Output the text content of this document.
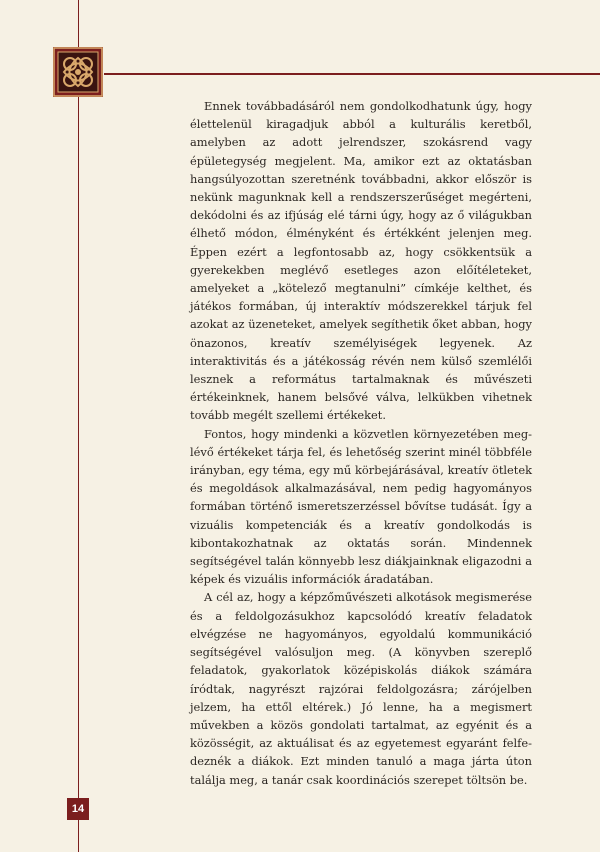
Ennek továbbadásáról nem gondolkodhatunk úgy, hogy élettelenül kiragadjuk abból a kulturális keretből, amelyben az adott jelrendszer, szokásrend vagy épületegység megjelent. Ma, amikor ezt az oktatásban hangsúlyozottan szeretnénk továbbadni, akkor először is nekünk magunknak kell a rendszerszerűséget megérteni, dekódolni és az ifjúság elé tárni úgy, hogy az ő világukban élhető módon, élményként és értékként jelenjen meg. Éppen ezért a legfontosabb az, hogy csökkentsük a gyerekekben meglévő esetleges azon előítéleteket, amelyeket a „kötelező megtanulni” címkéje kelthet, és játékos formában, új interaktív módszerekkel tárjuk fel azokat az üzeneteket, amelyek segíthetik őket abban, hogy önazonos, kreatív személyiségek legyenek. Az interaktivitás és a játékosság révén nem külső szemlélői lesznek a református tartalmaknak és művészeti értékeinknek, hanem belsővé válva, lelkükben vihetnek tovább megélt szellemi értékeket.

Fontos, hogy mindenki a közvetlen környezetében meglévő értékeket tárja fel, és lehetőség szerint minél többféle irányban, egy téma, egy mű körbejárásával, kreatív ötletek és megoldások alkalmazásával, nem pedig hagyományos formában történő ismeretszerzéssel bővítse tudását. Így a vizuális kompetenciák és a kreatív gondolkodás is kibontakozhatnak az oktatás során. Mindennek segítségével talán könnyebb lesz diákjainknak eligazodni a képek és vizuális információk áradatában.

A cél az, hogy a képzőművészeti alkotások megismerése és a feldolgozásukhoz kapcsolódó kreatív feladatok elvégzése ne hagyományos, egyoldalú kommunikáció segítségével valósuljon meg. (A könyvben szereplő feladatok, gyakorlatok középiskolás diákok számára íródtak, nagyrészt rajzórai feldolgozásra; zárójelben jelzem, ha ettől eltérek.) Jó lenne, ha a megismert művekben a közös gondolati tartalmat, az egyénit és a közösségit, az aktuálisat és az egyetemest egyaránt felfedeznék a diákok. Ezt minden tanuló a maga járta úton találja meg, a tanár csak koordinációs szerepet töltsön be.

14
